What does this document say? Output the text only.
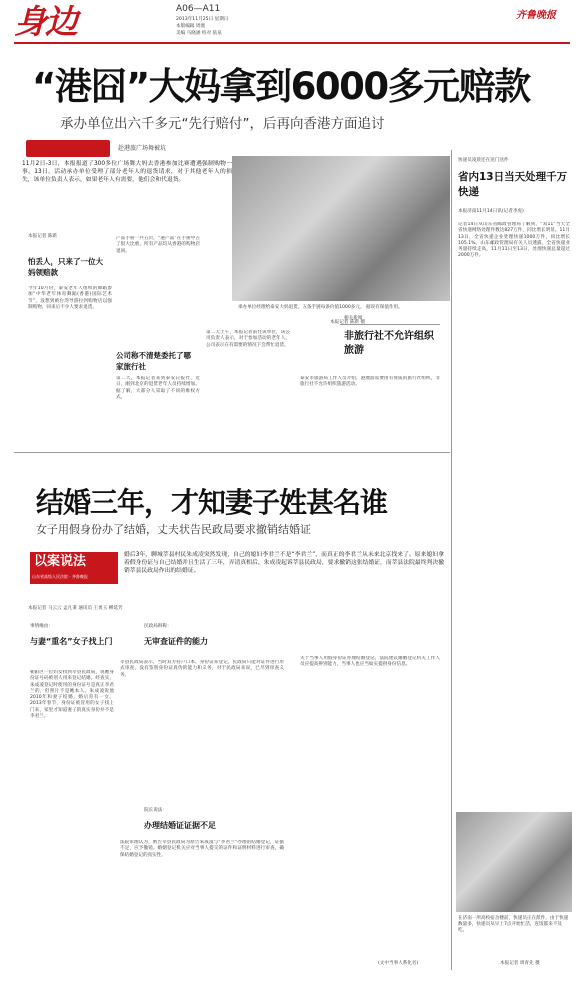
身边	A06—A11
2013年11月25日 星期日
本版编辑 周澳
美编 马晓涵 校对 依泉
齐鲁晚报
“港囧”大妈拿到6000多元赔款
承办单位出六千多元“先行赔付”，后再向香港方面追讨
赴港旅广场舞被坑
11月2日-3日，本报报道了300多位广场舞大妈去香港参加比赛遭遇强制购物一事。13日，活动承办单位受理了部分老年人的退货请求，对于其他老年人的损失，该单位负责人表示，如果老年人有需要，他们会和代退货。
本报记者 陈新
怕丢人，只来了一位大妈领赔款
今年10月份，泰安老年人组织的舞蹈参加“中华老年体育舞蹈(香港)国际艺术节”，没想到被台湾导游拉到购物店以强制购物，回来后不少人要求退货。
产品手册一共五页，“港产品”在手册中占了很大比重，所有产品均从香港的购物店退回。
公司称不清楚委托了哪家旅行社
第二天，本报记者来到泰安日报社，近日，刚到北京的退货老年人员持续增加。据了解，大部分人采取了不同的维权方式。
承办单位经理给泰安大妈退货。五条手链每条价值1000多元。 据说有保值作用。
本报记者 陈新 摄
第二天上午，本报记者前往该单位，该公司负责人表示，对于参加活动的老年人，公司表示在有需要的情况下会帮忙退货。
相关新闻
非旅行社不允许组织旅游
泰安市旅游局工作人员介绍，港澳游需要由有资质的旅行社组织，非旅行社不允许组织旅游活动。
快递员凌晨还在送门送件
省内13日当天处理千万快递
本报济南11月14日讯(记者李虎)
记者14日从山东省邮政管理局了解到，“双11”当天全省快递网络处理件数达827万件，同比增长明显。11月13日，全省快递企业处理快递1000万件，同比增长105.1%。山东邮政管理局有关人员透露，全省快递业务量持续走高，11月11日至13日，处理快递总量超过2000万件。
在济南一所高校宿舍楼前，快递员正在派件，由于快递数量多，快递员从早上7点开始忙活，连饭都来不及吃。
本报记者 周青先 摄
结婚三年，才知妻子姓甚名谁
女子用假身份办了结婚，丈夫状告民政局要求撤销结婚证
以案说法
山东省高级人民法院 · 齐鲁晚报
婚后3年，聊城莘县村民朱成凌突然发现，自己的媳妇李君兰不是“李君兰”，而真正的李君兰从未来北京找来了。原来媳妇拿着假身份证与自己结婚并且生活了三年，弄清真相后，朱成凌起诉莘县民政局，要求撤销这张结婚证，而莘县法院最终判决撤销莘县民政局作出的结婚证。
本报记者 马云云 孟凡秉 通讯员 王勇玉 柳延芳
事情缘由：
与妻“重名”女子找上门
朝阳区一位妇女找到莘县民政局，说她身份证号码被别人用来登记结婚。经查实，朱成凌登记时使用的身份证号是真正李君兰的，但照片不是她本人。朱成凌说他2010年和妻子结婚，婚后育有一女，2013年春节，身份证被冒用的女子找上门来，家里才知道妻子的真实身份并不是李君兰。
民政局辩称：
无审查证件的能力
莘县民政局表示，当时双方持户口本、身份证来登记，民政局只能对证件进行形式审查，没有鉴别身份证真伪的能力和义务，对于民政局来说，已尽到审查义务。
院长说法：
办理结婚证证据不足
法院审理认为，被告莘县民政局为原告朱成凌与“李君兰”办理的结婚登记，证据不足，应予撤销。婚姻登记机关应对当事人提交的证件和证明材料进行审查，确保结婚登记的真实性。
关于当事人用假身份证办理结婚登记，法院建议婚姻登记机关工作人员应提高辨别能力，当事人也应当如实提供身份信息。
(文中当事人系化名)
